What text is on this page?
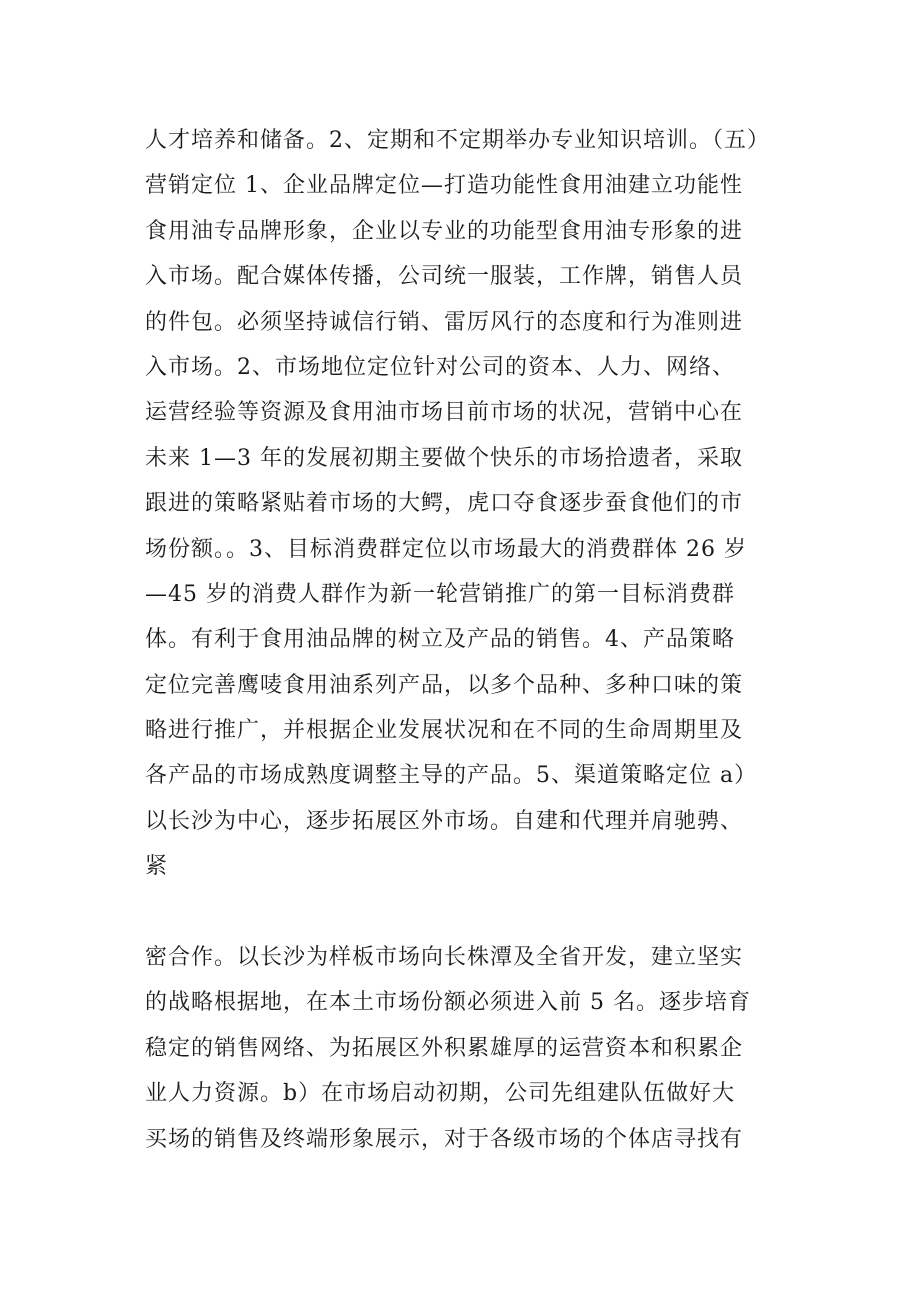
人才培养和储备。2、定期和不定期举办专业知识培训。（五）
营销定位 1、企业品牌定位—打造功能性食用油建立功能性
食用油专品牌形象，企业以专业的功能型食用油专形象的进
入市场。配合媒体传播，公司统一服装，工作牌，销售人员
的件包。必须坚持诚信行销、雷厉风行的态度和行为准则进
入市场。2、市场地位定位针对公司的资本、人力、网络、
运营经验等资源及食用油市场目前市场的状况，营销中心在
未来 1—3 年的发展初期主要做个快乐的市场拾遗者，采取
跟进的策略紧贴着市场的大鳄，虎口夺食逐步蚕食他们的市
场份额。。3、目标消费群定位以市场最大的消费群体 26 岁
—45 岁的消费人群作为新一轮营销推广的第一目标消费群
体。有利于食用油品牌的树立及产品的销售。4、产品策略
定位完善鹰唛食用油系列产品，以多个品种、多种口味的策
略进行推广，并根据企业发展状况和在不同的生命周期里及
各产品的市场成熟度调整主导的产品。5、渠道策略定位 a）
以长沙为中心，逐步拓展区外市场。自建和代理并肩驰骋、
紧
密合作。以长沙为样板市场向长株潭及全省开发，建立坚实
的战略根据地，在本土市场份额必须进入前 5 名。逐步培育
稳定的销售网络、为拓展区外积累雄厚的运营资本和积累企
业人力资源。b）在市场启动初期，公司先组建队伍做好大
买场的销售及终端形象展示，对于各级市场的个体店寻找有
